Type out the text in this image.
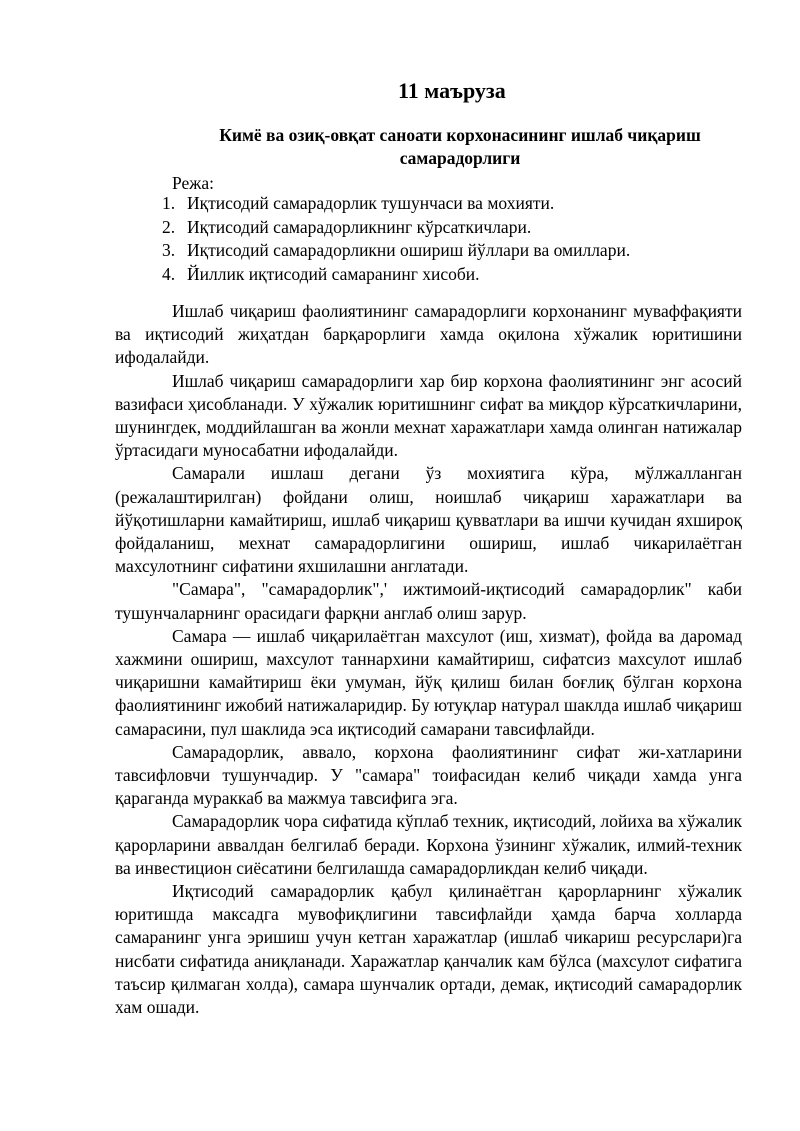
11 маъруза
Кимё ва озиқ-овқат саноати корхонасининг ишлаб чиқариш самарадорлиги
Режа:
1. Иқтисодий самарадорлик тушунчаси ва мохияти.
2. Иқтисодий самарадорликнинг кўрсаткичлари.
3. Иқтисодий самарадорликни ошириш йўллари ва омиллари.
4. Йиллик иқтисодий самаранинг хисоби.

Ишлаб чиқариш фаолиятининг самарадорлиги корхонанинг муваффақияти ва иқтисодий жиҳатдан барқарорлиги хамда оқилона хўжалик юритишини ифодалайди.

Ишлаб чиқариш самарадорлиги хар бир корхона фаолиятининг энг асосий вазифаси ҳисобланади. У хўжалик юритишнинг сифат ва миқдор кўрсаткичларини, шунингдек, моддийлашган ва жонли мехнат харажатлари хамда олинган натижалар ўртасидаги муносабатни ифодалайди.

Самарали ишлаш дегани ўз мохиятига кўра, мўлжалланган (режалаштирилган) фойдани олиш, ноишлаб чиқариш харажатлари ва йўқотишларни камайтириш, ишлаб чиқариш қувватлари ва ишчи кучидан яхшироқ фойдаланиш, мехнат самарадорлигини ошириш, ишлаб чикарилаётган махсулотнинг сифатини яхшилашни англатади.

"Самара", "самарадорлик",' ижтимоий-иқтисодий самарадорлик" каби тушунчаларнинг орасидаги фарқни англаб олиш зарур.

Самара — ишлаб чиқарилаётган махсулот (иш, хизмат), фойда ва даромад хажмини ошириш, махсулот таннархини камайтириш, сифатсиз махсулот ишлаб чиқаришни камайтириш ёки умуман, йўқ қилиш билан боғлиқ бўлган корхона фаолиятининг ижобий натижаларидир. Бу ютуқлар натурал шаклда ишлаб чиқариш самарасини, пул шаклида эса иқтисодий самарани тавсифлайди.

Самарадорлик, аввало, корхона фаолиятининг сифат жи-хатларини тавсифловчи тушунчадир. У "самара" тоифасидан келиб чиқади хамда унга қараганда мураккаб ва мажмуа тавсифига эга.

Самарадорлик чора сифатида кўплаб техник, иқтисодий, лойиха ва хўжалик қарорларини аввалдан белгилаб беради. Корхона ўзининг хўжалик, илмий-техник ва инвестицион сиёсатини белгилашда самарадорликдан келиб чиқади.

Иқтисодий самарадорлик қабул қилинаётган қарорларнинг хўжалик юритишда максадга мувофиқлигини тавсифлайди ҳамда барча холларда самаранинг унга эришиш учун кетган харажатлар (ишлаб чикариш ресурслари)га нисбати сифатида аниқланади. Харажатлар қанчалик кам бўлса (махсулот сифатига таъсир қилмаган холда), самара шунчалик ортади, демак, иқтисодий самарадорлик хам ошади.
